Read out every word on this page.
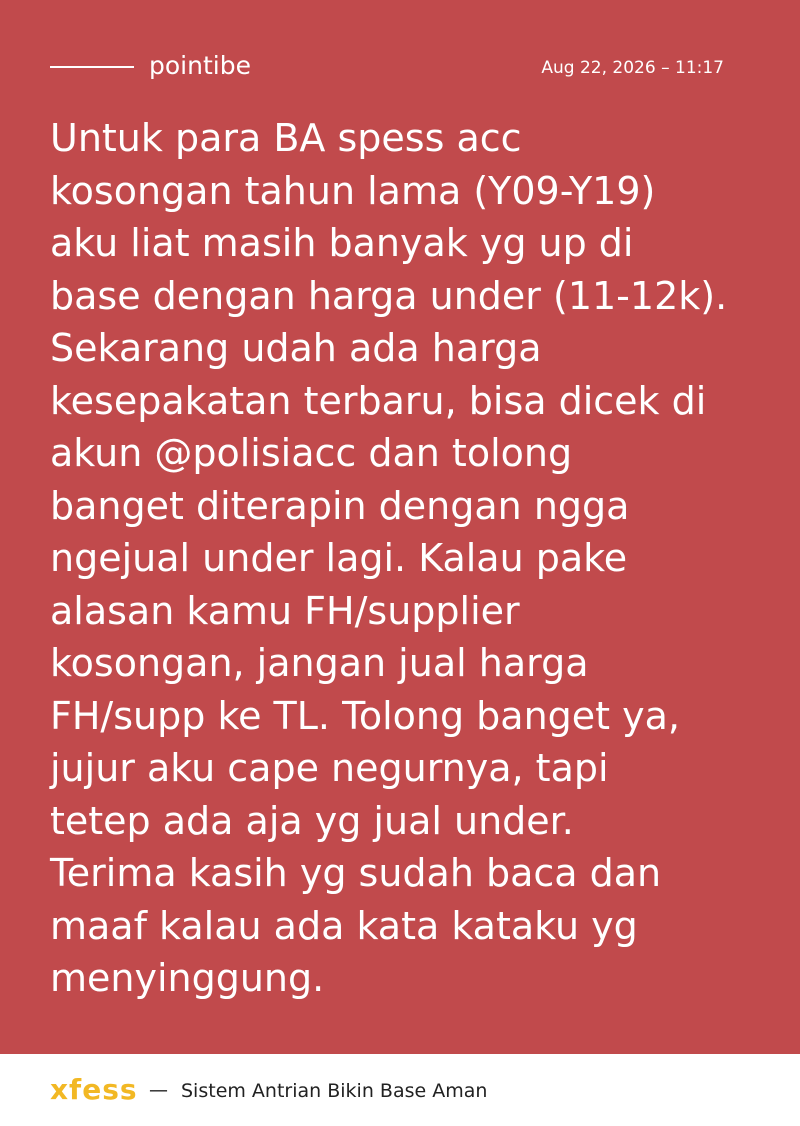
pointibe	Aug 22, 2026 – 11:17

Untuk para BA spess acc
kosongan tahun lama (Y09-Y19)
aku liat masih banyak yg up di
base dengan harga under (11-12k).
Sekarang udah ada harga
kesepakatan terbaru, bisa dicek di
akun @polisiacc dan tolong
banget diterapin dengan ngga
ngejual under lagi. Kalau pake
alasan kamu FH/supplier
kosongan, jangan jual harga
FH/supp ke TL. Tolong banget ya,
jujur aku cape negurnya, tapi
tetep ada aja yg jual under.
Terima kasih yg sudah baca dan
maaf kalau ada kata kataku yg
menyinggung.

xfess — Sistem Antrian Bikin Base Aman
